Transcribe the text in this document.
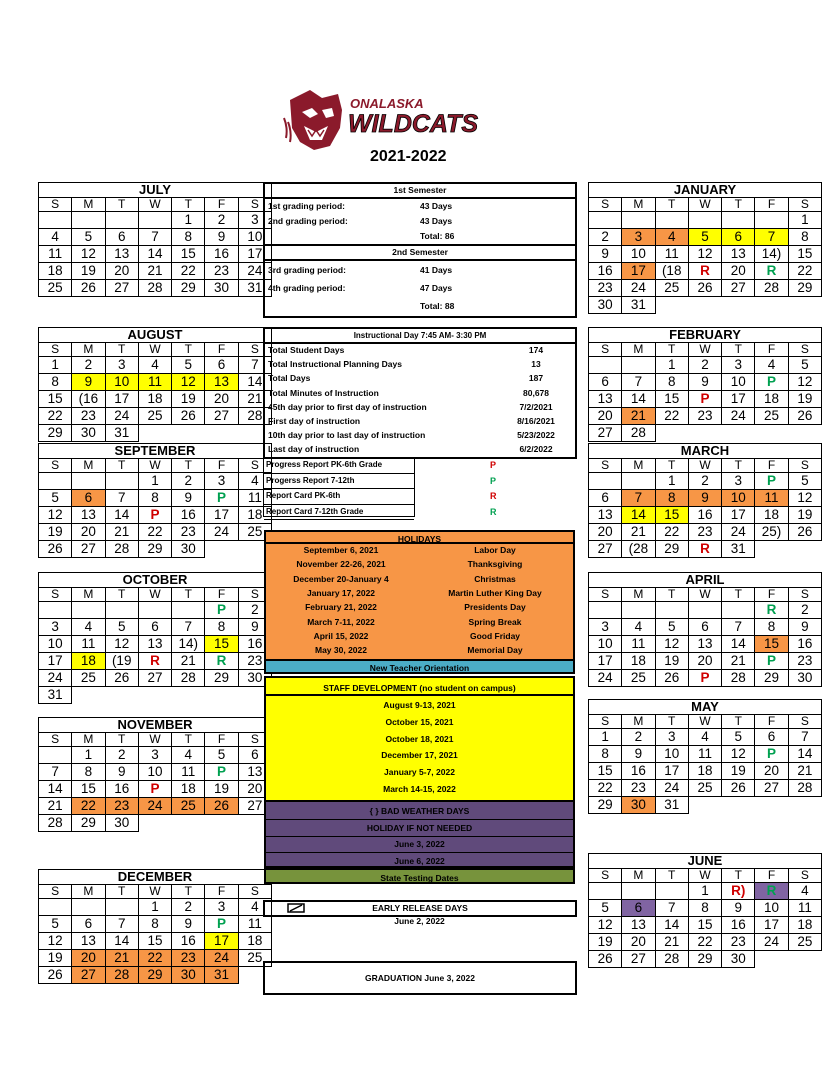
ONALASKA
WILDCATS
2021-2022
JULY
S	M	T	W	T	F	S
				1	2	3
4	5	6	7	8	9	10
11	12	13	14	15	16	17
18	19	20	21	22	23	24
25	26	27	28	29	30	31
AUGUST
S	M	T	W	T	F	S
1	2	3	4	5	6	7
8	9	10	11	12	13	14
15	(16	17	18	19	20	21
22	23	24	25	26	27	28
29	30	31				
SEPTEMBER
S	M	T	W	T	F	S
			1	2	3	4
5	6	7	8	9	P	11
12	13	14	P	16	17	18
19	20	21	22	23	24	25
26	27	28	29	30		
OCTOBER
S	M	T	W	T	F	S
					P	2
3	4	5	6	7	8	9
10	11	12	13	14)	15	16
17	18	(19	R	21	R	23
24	25	26	27	28	29	30
31						
NOVEMBER
S	M	T	W	T	F	S
	1	2	3	4	5	6
7	8	9	10	11	P	13
14	15	16	P	18	19	20
21	22	23	24	25	26	27
28	29	30				
DECEMBER
S	M	T	W	T	F	S
			1	2	3	4
5	6	7	8	9	P	11
12	13	14	15	16	17	18
19	20	21	22	23	24	25
26	27	28	29	30	31	
JANUARY
S	M	T	W	T	F	S
						1
2	3	4	5	6	7	8
9	10	11	12	13	14)	15
16	17	(18	R	20	R	22
23	24	25	26	27	28	29
30	31					
FEBRUARY
S	M	T	W	T	F	S
		1	2	3	4	5
6	7	8	9	10	P	12
13	14	15	P	17	18	19
20	21	22	23	24	25	26
27	28					
MARCH
S	M	T	W	T	F	S
		1	2	3	P	5
6	7	8	9	10	11	12
13	14	15	16	17	18	19
20	21	22	23	24	25)	26
27	(28	29	R	31		
APRIL
S	M	T	W	T	F	S
					R	2
3	4	5	6	7	8	9
10	11	12	13	14	15	16
17	18	19	20	21	P	23
24	25	26	P	28	29	30
MAY
S	M	T	W	T	F	S
1	2	3	4	5	6	7
8	9	10	11	12	P	14
15	16	17	18	19	20	21
22	23	24	25	26	27	28
29	30	31				
JUNE
S	M	T	W	T	F	S
			1	R)	R	4
5	6	7	8	9	10	11
12	13	14	15	16	17	18
19	20	21	22	23	24	25
26	27	28	29	30		
1st Semester
1st grading period:	43 Days
2nd grading period:	43 Days
Total: 86
2nd Semester
3rd grading period:	41 Days
4th grading period:	47 Days
Total: 88
Instructional Day 7:45 AM- 3:30 PM
Total Student Days	174
Total Instructional Planning Days	13
Total Days	187
Total Minutes of Instruction	80,678
45th day prior to first day of instruction	7/2/2021
First day of instruction	8/16/2021
10th day prior to last day of instruction	5/23/2022
Last day of instruction	6/2/2022
Progress Report PK-6th Grade	P
Progerss Report 7-12th	P
Report Card PK-6th	R
Report Card 7-12th Grade	R
HOLIDAYS
September 6, 2021	Labor Day
November 22-26, 2021	Thanksgiving
December 20-January 4	Christmas
January 17, 2022	Martin Luther King Day
February 21, 2022	Presidents Day
March 7-11, 2022	Spring Break
April 15, 2022	Good Friday
May 30, 2022	Memorial Day
New Teacher Orientation
STAFF DEVELOPMENT (no student on campus)
August 9-13, 2021
October 15, 2021
October 18, 2021
December 17, 2021
January 5-7, 2022
March 14-15, 2022
{ } BAD WEATHER DAYS
HOLIDAY IF NOT NEEDED
June 3, 2022
June 6, 2022
State Testing Dates
EARLY RELEASE DAYS
June 2, 2022
GRADUATION June 3, 2022
